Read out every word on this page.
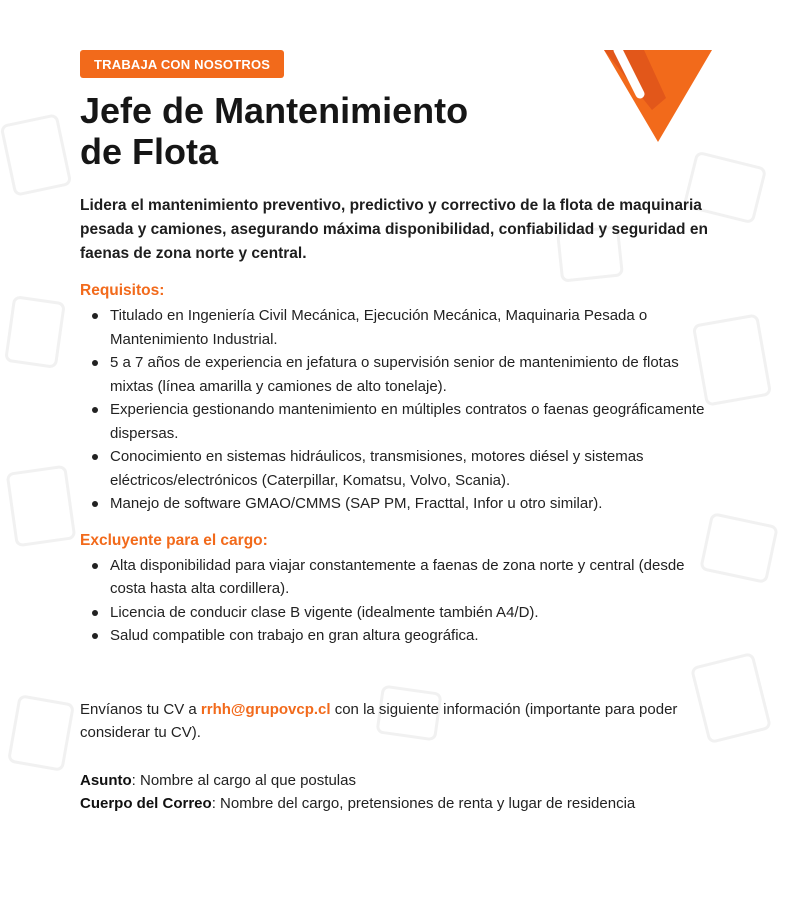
TRABAJA CON NOSOTROS
Jefe de Mantenimiento
de Flota

Lidera el mantenimiento preventivo, predictivo y correctivo de la flota de maquinaria pesada y camiones, asegurando máxima disponibilidad, confiabilidad y seguridad en faenas de zona norte y central.

Requisitos:
Titulado en Ingeniería Civil Mecánica, Ejecución Mecánica, Maquinaria Pesada o Mantenimiento Industrial.
5 a 7 años de experiencia en jefatura o supervisión senior de mantenimiento de flotas mixtas (línea amarilla y camiones de alto tonelaje).
Experiencia gestionando mantenimiento en múltiples contratos o faenas geográficamente dispersas.
Conocimiento en sistemas hidráulicos, transmisiones, motores diésel y sistemas eléctricos/electrónicos (Caterpillar, Komatsu, Volvo, Scania).
Manejo de software GMAO/CMMS (SAP PM, Fracttal, Infor u otro similar).
Excluyente para el cargo:
Alta disponibilidad para viajar constantemente a faenas de zona norte y central (desde costa hasta alta cordillera).
Licencia de conducir clase B vigente (idealmente también A4/D).
Salud compatible con trabajo en gran altura geográfica.

Envíanos tu CV a rrhh@grupovcp.cl con la siguiente información (importante para poder considerar tu CV).

Asunto: Nombre al cargo al que postulas

Cuerpo del Correo: Nombre del cargo, pretensiones de renta y lugar de residencia
